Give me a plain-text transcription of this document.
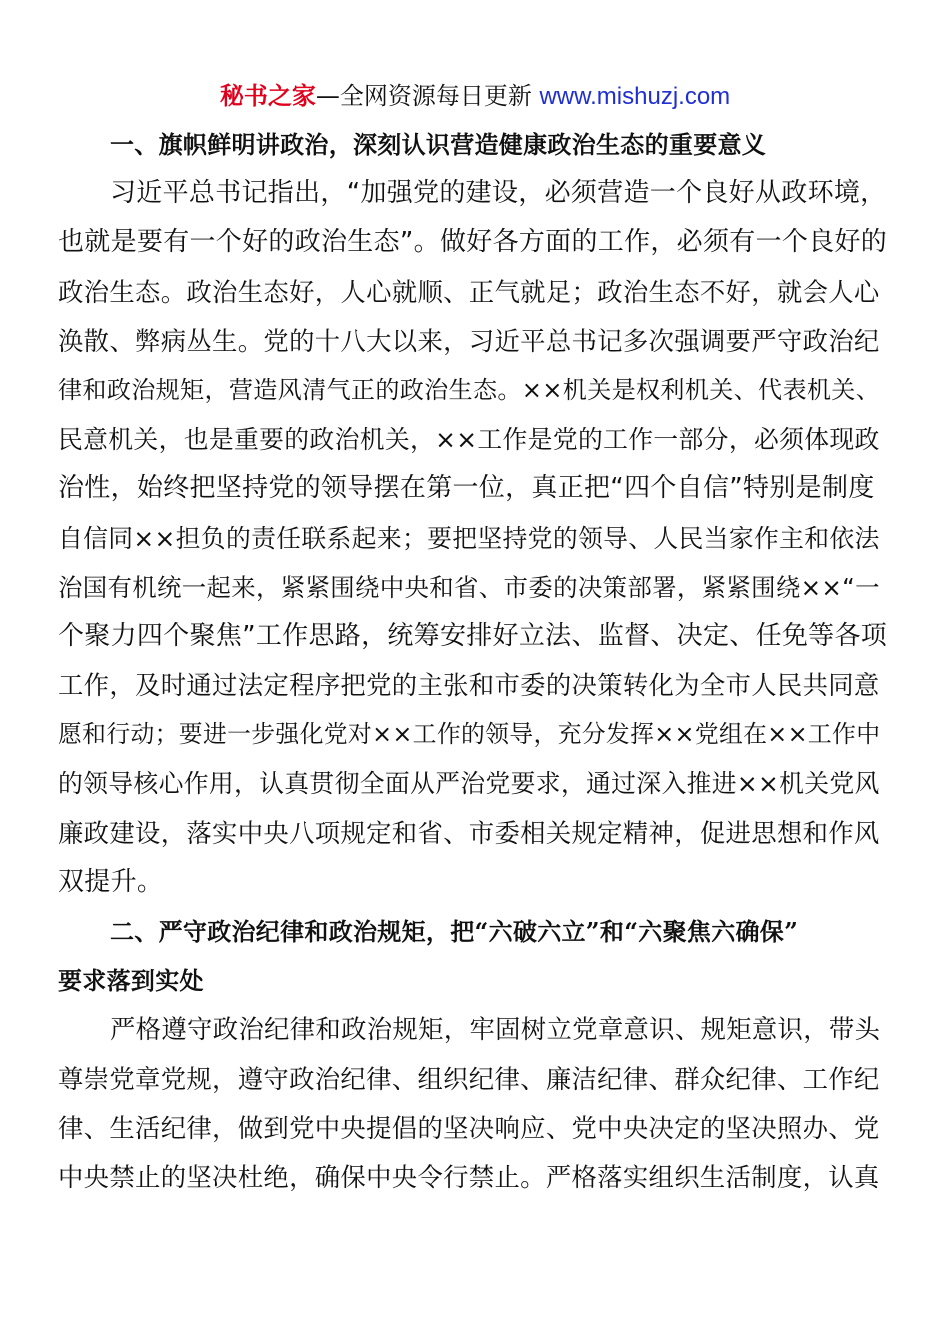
秘书之家—全网资源每日更新 www.mishuzj.com
一、旗帜鲜明讲政治，深刻认识营造健康政治生态的重要意义
习近平总书记指出，“加强党的建设，必须营造一个良好从政环境，
也就是要有一个好的政治生态”。做好各方面的工作，必须有一个良好的
政治生态。政治生态好，人心就顺、正气就足；政治生态不好，就会人心
涣散、弊病丛生。党的十八大以来，习近平总书记多次强调要严守政治纪
律和政治规矩，营造风清气正的政治生态。××机关是权利机关、代表机关、
民意机关，也是重要的政治机关，××工作是党的工作一部分，必须体现政
治性，始终把坚持党的领导摆在第一位，真正把“四个自信”特别是制度
自信同××担负的责任联系起来；要把坚持党的领导、人民当家作主和依法
治国有机统一起来，紧紧围绕中央和省、市委的决策部署，紧紧围绕××“一
个聚力四个聚焦”工作思路，统筹安排好立法、监督、决定、任免等各项
工作，及时通过法定程序把党的主张和市委的决策转化为全市人民共同意
愿和行动；要进一步强化党对××工作的领导，充分发挥××党组在××工作中
的领导核心作用，认真贯彻全面从严治党要求，通过深入推进××机关党风
廉政建设，落实中央八项规定和省、市委相关规定精神，促进思想和作风
双提升。
二、严守政治纪律和政治规矩，把“六破六立”和“六聚焦六确保”
要求落到实处
严格遵守政治纪律和政治规矩，牢固树立党章意识、规矩意识，带头
尊崇党章党规，遵守政治纪律、组织纪律、廉洁纪律、群众纪律、工作纪
律、生活纪律，做到党中央提倡的坚决响应、党中央决定的坚决照办、党
中央禁止的坚决杜绝，确保中央令行禁止。严格落实组织生活制度，认真
